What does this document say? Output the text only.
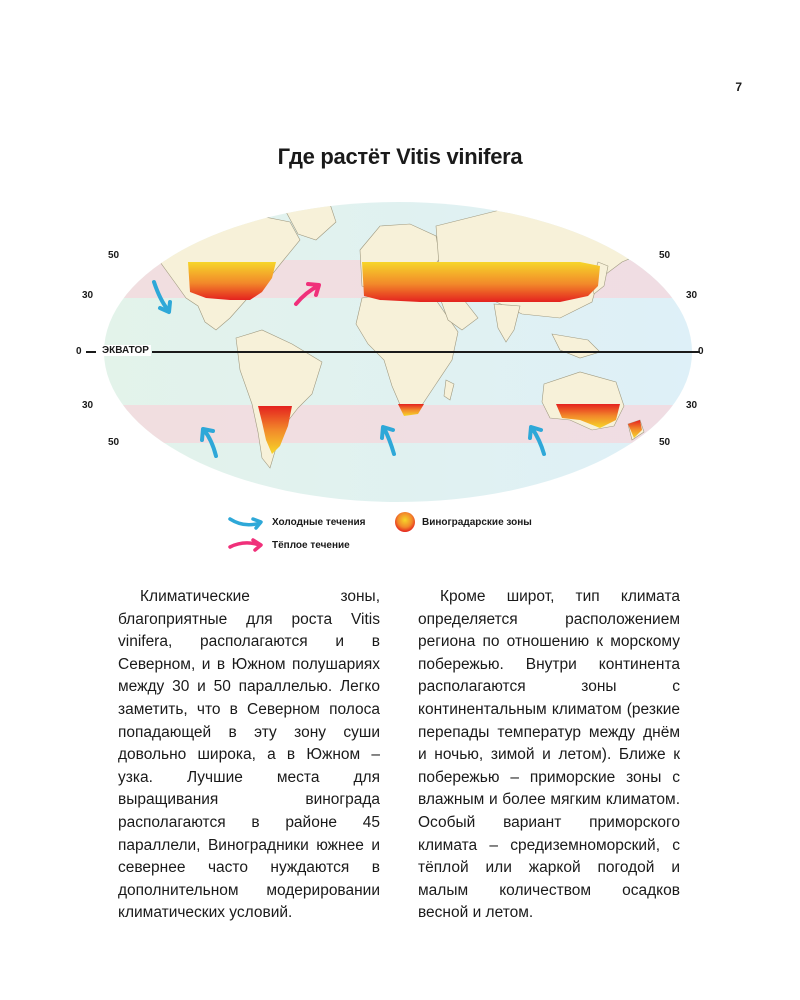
7
Где растёт Vitis vinifera
50	50
30	30
0	0
ЭКВАТОР
30	30
50	50
Холодные течения
Тёплое течение
Виноградарские зоны
Климатические зоны, благоприятные для роста Vitis vinifera, располагаются и в Северном, и в Южном полушариях между 30 и 50 параллелью. Легко заметить, что в Северном полоса попадающей в эту зону суши довольно широка, а в Южном – узка. Лучшие места для выращивания винограда располагаются в районе 45 параллели, Виноградники южнее и севернее часто нуждаются в дополнительном модерировании климатических условий.
Кроме широт, тип климата определяется расположением региона по отношению к морскому побережью. Внутри континента располагаются зоны с континентальным климатом (резкие перепады температур между днём и ночью, зимой и летом). Ближе к побережью – приморские зоны с влажным и более мягким климатом. Особый вариант приморского климата – средиземноморский, с тёплой или жаркой погодой и малым количеством осадков весной и летом.
